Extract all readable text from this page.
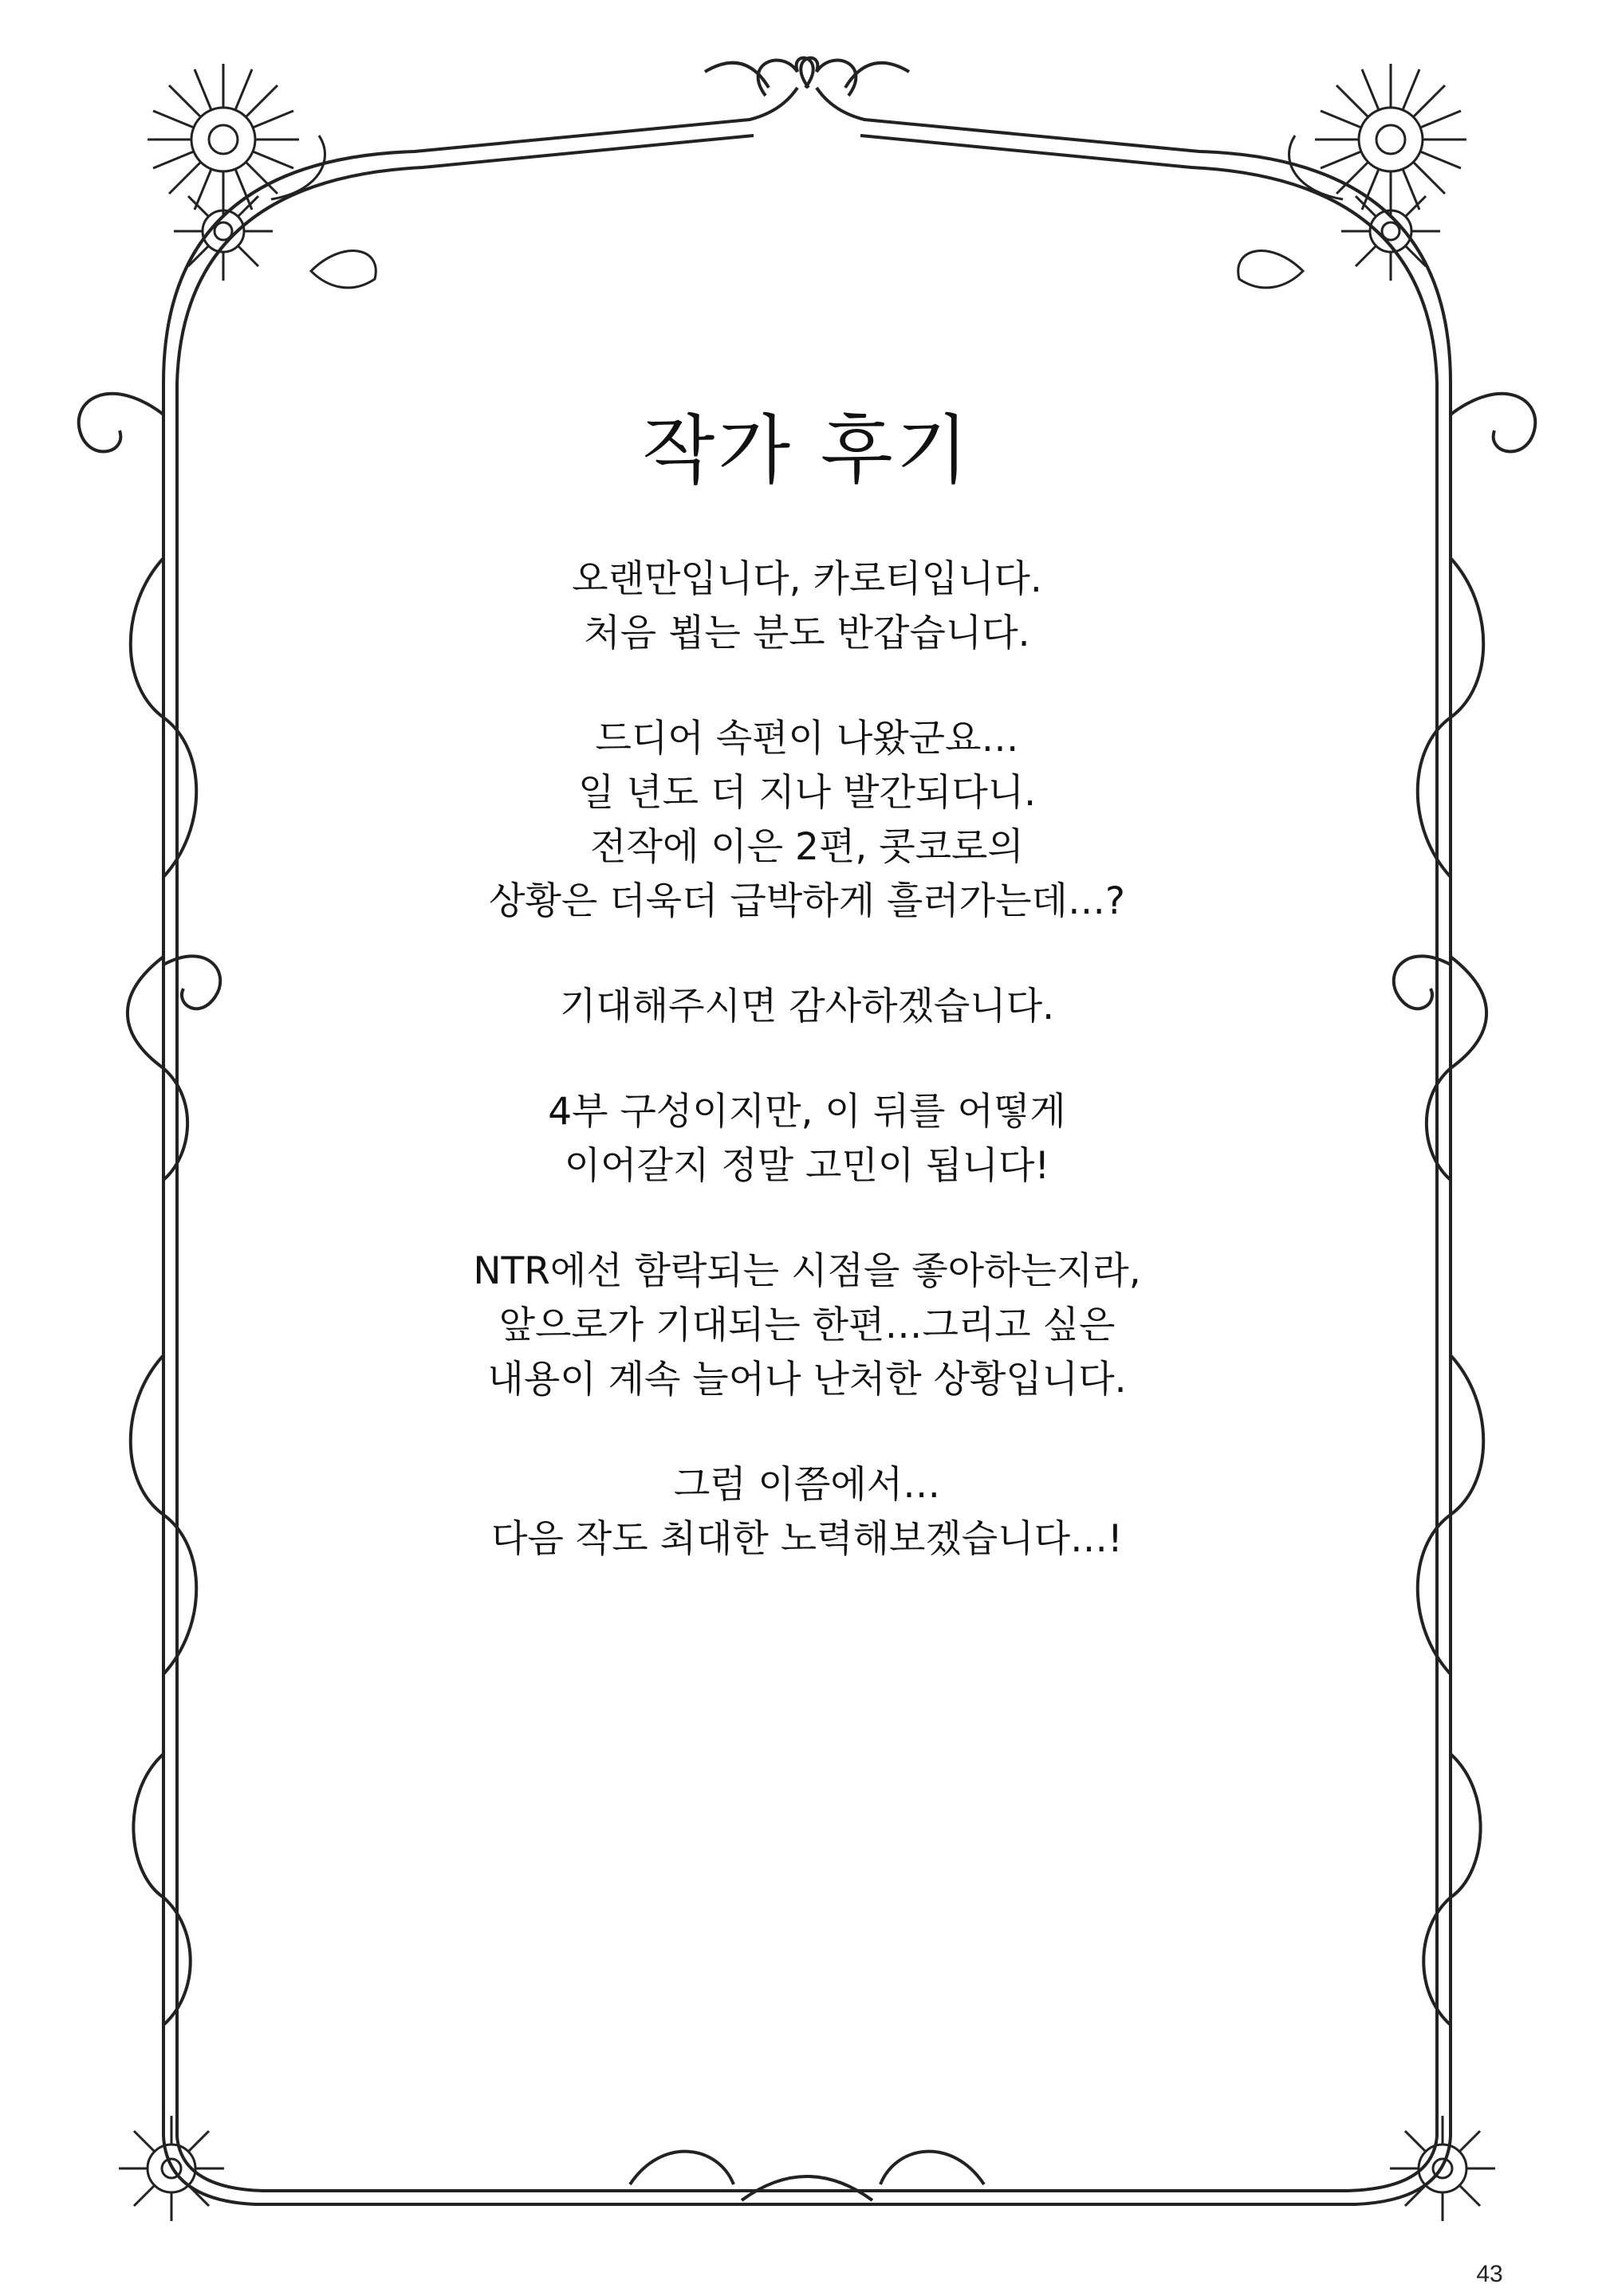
작가 후기
오랜만입니다, 카로티입니다.
처음 뵙는 분도 반갑습니다.
드디어 속편이 나왔군요…
일 년도 더 지나 발간되다니.
전작에 이은 2편, 콧코로의
상황은 더욱더 급박하게 흘러가는데…?
기대해주시면 감사하겠습니다.
4부 구성이지만, 이 뒤를 어떻게
이어갈지 정말 고민이 됩니다!
NTR에선 함락되는 시점을 좋아하는지라,
앞으로가 기대되는 한편…그리고 싶은
내용이 계속 늘어나 난처한 상황입니다.
그럼 이쯤에서…
다음 작도 최대한 노력해보겠습니다…!
43
